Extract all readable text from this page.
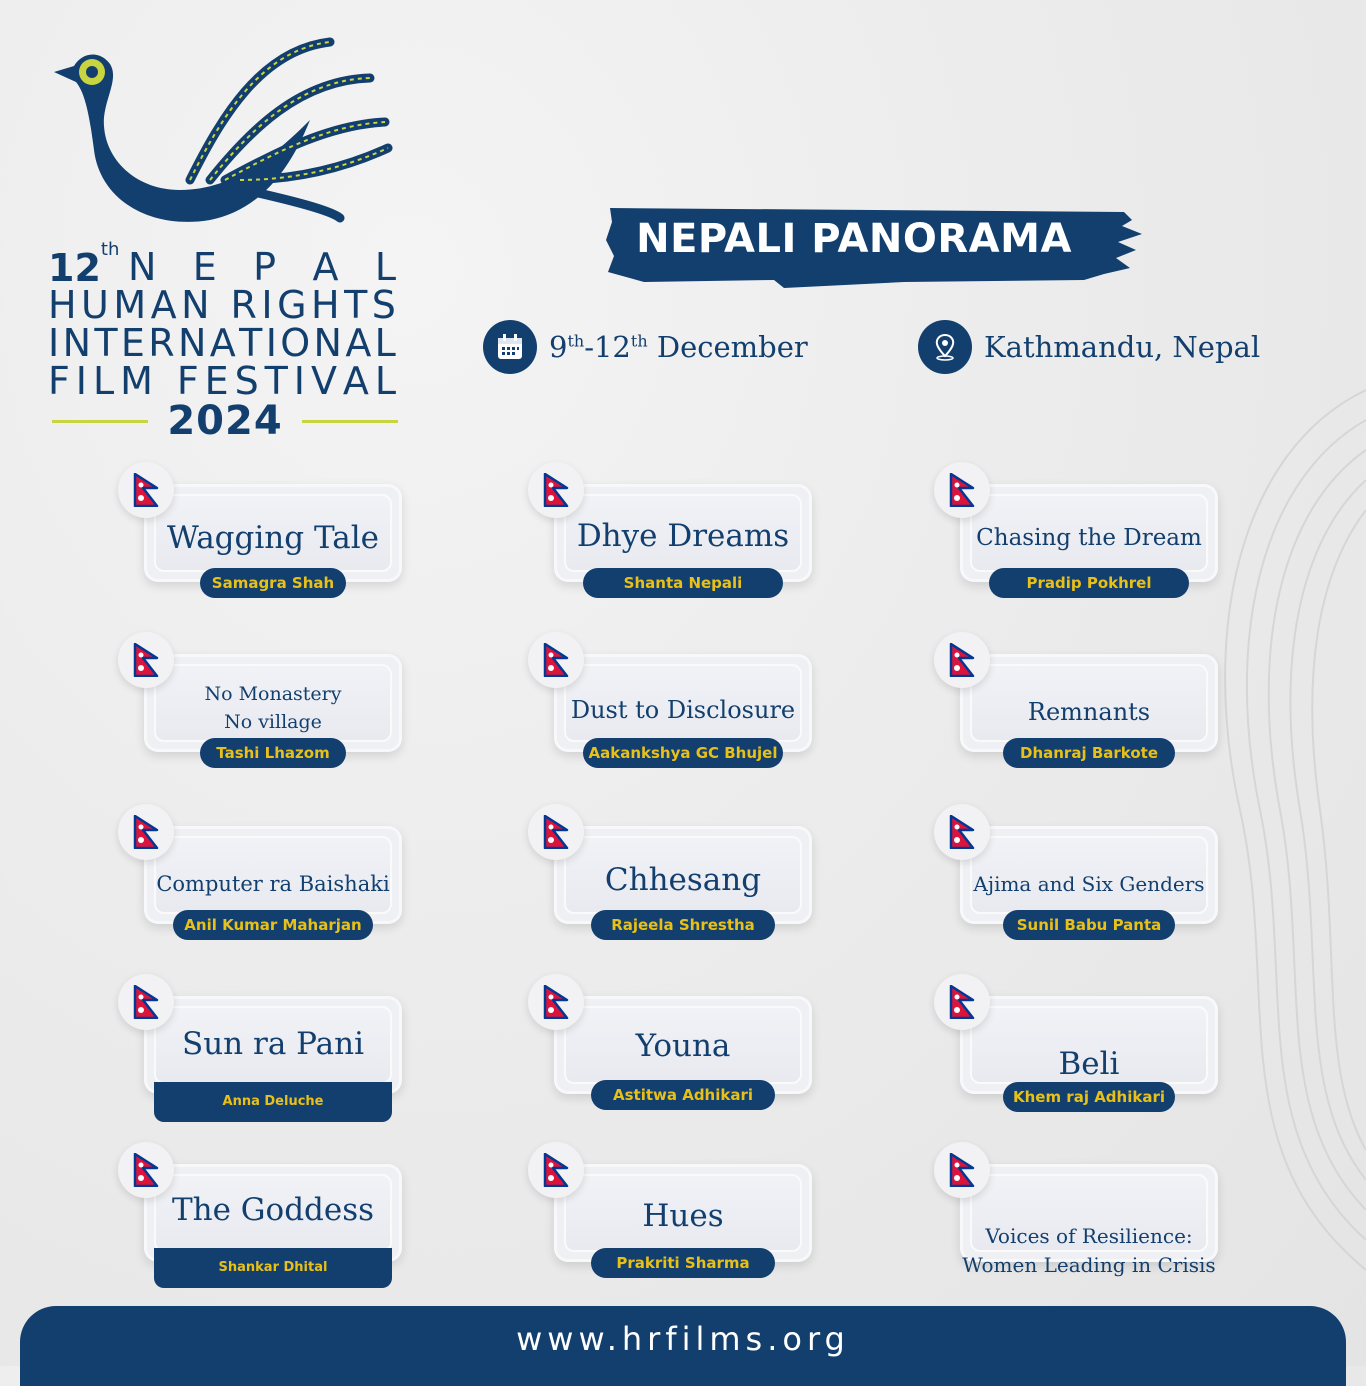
12th N E P A L
H U M A N
R I G H T S
I N T E R N A T I O N A L
F I L M
F E S T I V A L
2024
NEPALI PANORAMA
9th-12th December	Kathmandu, Nepal
Wagging Tale
Samagra Shah
Dhye Dreams
Shanta Nepali
Chasing the Dream
Pradip Pokhrel
No Monastery
No village
Tashi Lhazom
Dust to Disclosure
Aakankshya GC Bhujel
Remnants
Dhanraj Barkote
Computer ra Baishaki
Anil Kumar Maharjan
Chhesang
Rajeela Shrestha
Ajima and Six Genders
Sunil Babu Panta
Sun ra Pani
Anna Deluche
Youna
Astitwa Adhikari
Beli
Khem raj Adhikari
The Goddess
Shankar Dhital
Hues
Prakriti Sharma
Voices of Resilience:
Women Leading in Crisis
www.hrfilms.org
